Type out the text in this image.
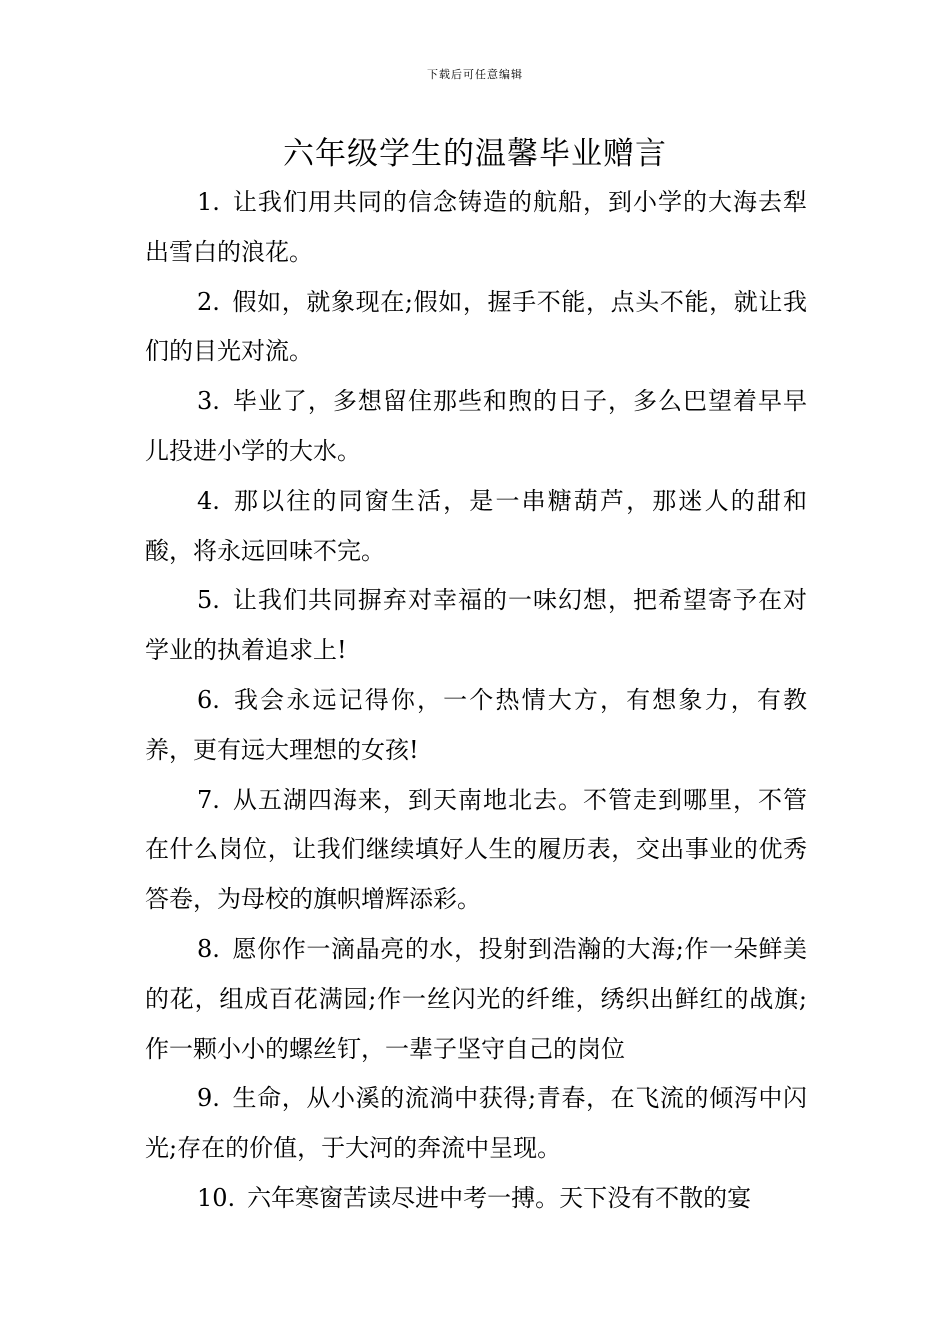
下载后可任意编辑
六年级学生的温馨毕业赠言

1. 让我们用共同的信念铸造的航船，到小学的大海去犁出雪白的浪花。

2. 假如，就象现在;假如，握手不能，点头不能，就让我们的目光对流。

3. 毕业了，多想留住那些和煦的日子，多么巴望着早早儿投进小学的大水。

4. 那以往的同窗生活，是一串糖葫芦，那迷人的甜和酸，将永远回味不完。

5. 让我们共同摒弃对幸福的一味幻想，把希望寄予在对学业的执着追求上!

6. 我会永远记得你，一个热情大方，有想象力，有教养，更有远大理想的女孩!

7. 从五湖四海来，到天南地北去。不管走到哪里，不管在什么岗位，让我们继续填好人生的履历表，交出事业的优秀答卷，为母校的旗帜增辉添彩。

8. 愿你作一滴晶亮的水，投射到浩瀚的大海;作一朵鲜美的花，组成百花满园;作一丝闪光的纤维，绣织出鲜红的战旗;作一颗小小的螺丝钉，一辈子坚守自己的岗位

9. 生命，从小溪的流淌中获得;青春，在飞流的倾泻中闪光;存在的价值，于大河的奔流中呈现。

10. 六年寒窗苦读尽进中考一搏。天下没有不散的宴
